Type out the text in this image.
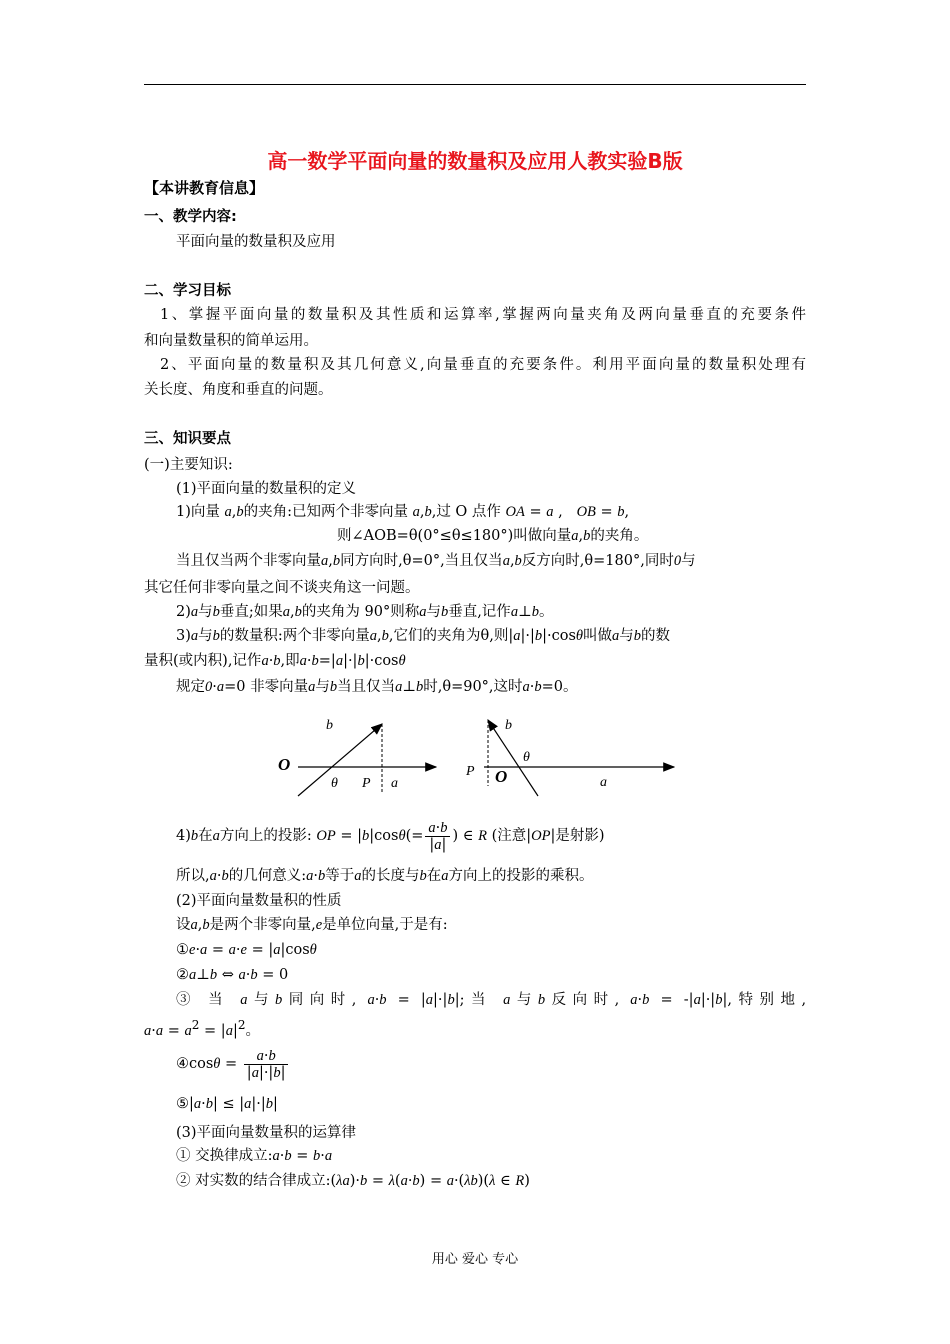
高一数学平面向量的数量积及应用人教实验B版
【本讲教育信息】
一、教学内容:
平面向量的数量积及应用
二、学习目标
1、掌握平面向量的数量积及其性质和运算率,掌握两向量夹角及两向量垂直的充要条件
和向量数量积的简单运用。
2、平面向量的数量积及其几何意义,向量垂直的充要条件。利用平面向量的数量积处理有
关长度、角度和垂直的问题。
三、知识要点
(一)主要知识:
(1)平面向量的数量积的定义
1)向量 a,b的夹角:已知两个非零向量 a,b,过 O 点作 OA = a ,   OB = b,
则∠AOB=θ(0°≤θ≤180°)叫做向量a,b的夹角。
当且仅当两个非零向量a,b同方向时,θ=0°,当且仅当a,b反方向时,θ=180°,同时0与
其它任何非零向量之间不谈夹角这一问题。
2)a与b垂直;如果a,b的夹角为 90°则称a与b垂直,记作a⊥b。
3)a与b的数量积:两个非零向量a,b,它们的夹角为θ,则|a|·|b|·cosθ叫做a与b的数
量积(或内积),记作a·b,即a·b=|a|·|b|·cosθ
规定0·a=0 非零向量a与b当且仅当a⊥b时,θ=90°,这时a·b=0。
O
θ P a
b
P O
θ
a
b
4)b在a方向上的投影: OP = $|b|\cos\theta(= \frac{a\cdot b}{|a|}$ ) ∈ R (注意|OP|是射影)
所以,a·b的几何意义:a·b等于a的长度与b在a方向上的投影的乘积。
(2)平面向量数量积的性质
设a,b是两个非零向量,e是单位向量,于是有:
①e·a = a·e = |a|cosθ
②a⊥b ⇔ a·b = 0
③ 当 a与b同向时, a·b = |a|·|b|;当 a与b反向时, a·b = -|a|·|b|,特别地,
$a\cdot a = a^2 = |a|^2$。
④cosθ = $\frac{a\cdot b}{|a|\cdot|b|}$
⑤|a·b| ≤ |a|·|b|
(3)平面向量数量积的运算律
① 交换律成立:a·b = b·a
② 对实数的结合律成立:(λa)·b = λ(a·b) = a·(λb)(λ ∈ R)
用心 爱心 专心
